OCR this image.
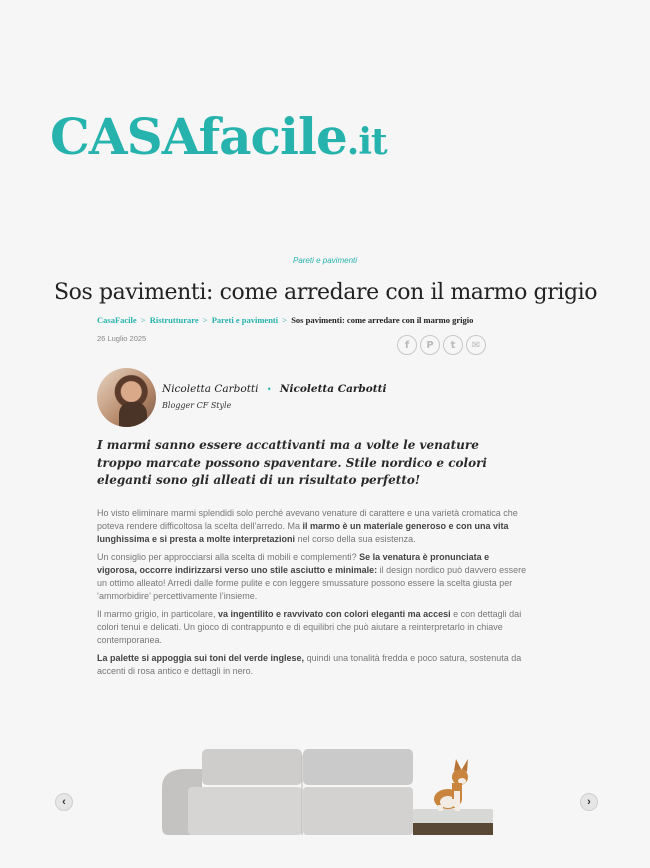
CASAfacile.it
Pareti e pavimenti
Sos pavimenti: come arredare con il marmo grigio
CasaFacile > Ristrutturare > Pareti e pavimenti > Sos pavimenti: come arredare con il marmo grigio
26 Luglio 2025
f	P	t	✉
Nicoletta Carbotti • Nicoletta Carbotti
Blogger CF Style

I marmi sanno essere accattivanti ma a volte le venature troppo marcate possono spaventare. Stile nordico e colori eleganti sono gli alleati di un risultato perfetto!

Ho visto eliminare marmi splendidi solo perché avevano venature di carattere e una varietà cromatica che poteva rendere difficoltosa la scelta dell’arredo. Ma il marmo è un materiale generoso e con una vita lunghissima e si presta a molte interpretazioni nel corso della sua esistenza.

Un consiglio per approcciarsi alla scelta di mobili e complementi? Se la venatura è pronunciata e vigorosa, occorre indirizzarsi verso uno stile asciutto e minimale: il design nordico può davvero essere un ottimo alleato! Arredi dalle forme pulite e con leggere smussature possono essere la scelta giusta per ‘ammorbidire’ percettivamente l’insieme.

Il marmo grigio, in particolare, va ingentilito e ravvivato con colori eleganti ma accesi e con dettagli dai colori tenui e delicati. Un gioco di contrappunto e di equilibri che può aiutare a reinterpretarlo in chiave contemporanea.

La palette si appoggia sui toni del verde inglese, quindi una tonalità fredda e poco satura, sostenuta da accenti di rosa antico e dettagli in nero.

‹	›
